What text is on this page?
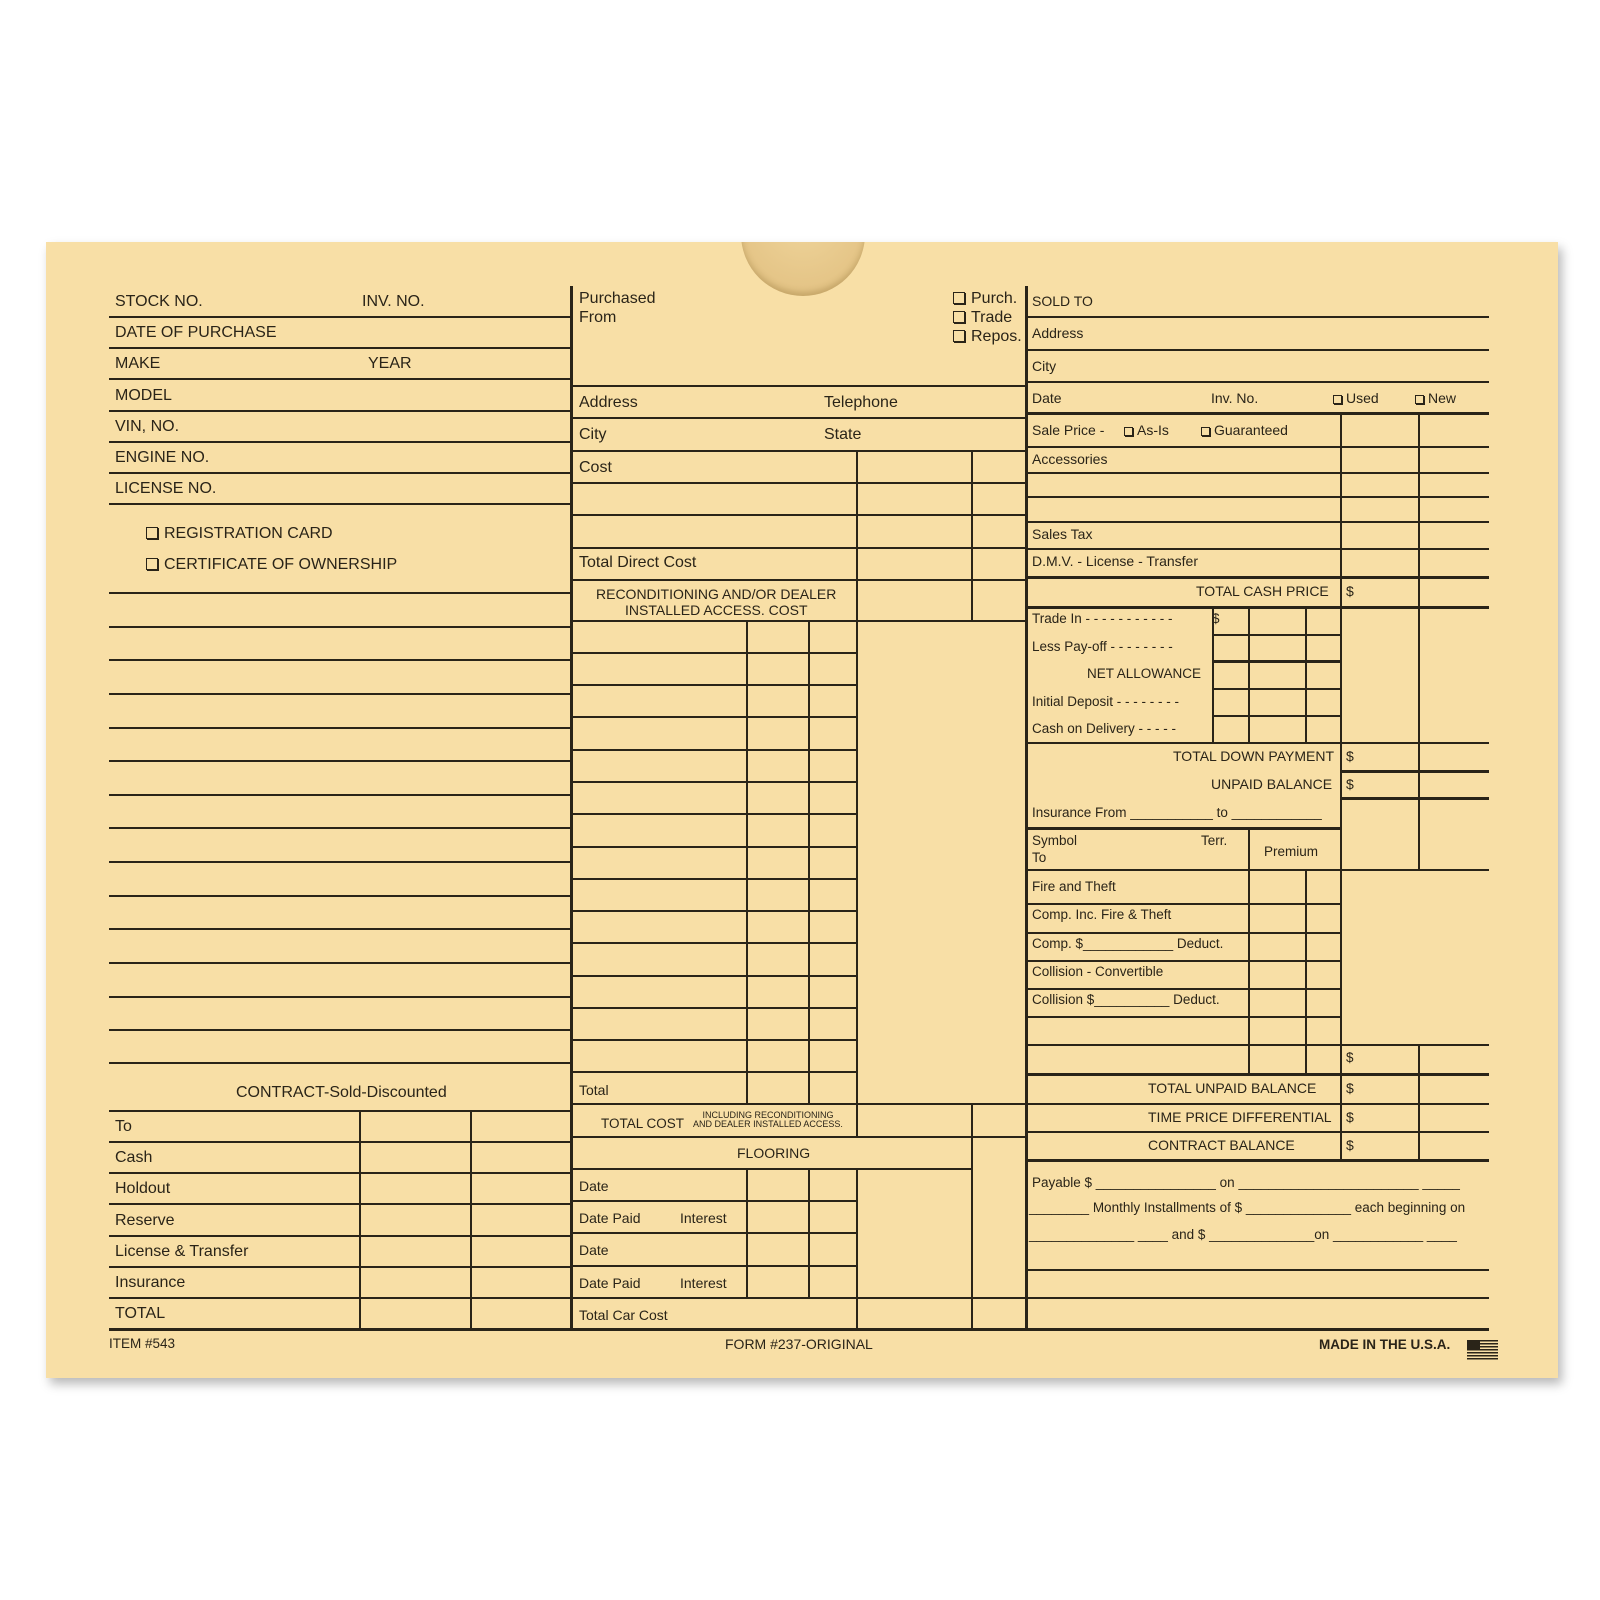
STOCK NO.	INV. NO.
DATE OF PURCHASE
MAKE	YEAR
MODEL
VIN, NO.
ENGINE NO.
LICENSE NO.
REGISTRATION CARD
CERTIFICATE OF OWNERSHIP
CONTRACT-Sold-Discounted
To
Cash
Holdout
Reserve
License & Transfer
Insurance
TOTAL
Purchased
From
Purch.
Trade
Repos.
Address	Telephone
City	State
Cost
Total Direct Cost
RECONDITIONING AND/OR DEALER
INSTALLED ACCESS. COST
Total
TOTAL COST
INCLUDING RECONDITIONING
AND DEALER INSTALLED ACCESS.
FLOORING
Date
Date Paid	Interest
Date
Date Paid	Interest
Total Car Cost
SOLD TO
Address
City
Date	Inv. No.	Used	New
Sale Price -	As-Is	Guaranteed
Accessories
Sales Tax
D.M.V. - License - Transfer
TOTAL CASH PRICE $
Trade In - - - - - - - - - - -	$
Less Pay-off - - - - - - - -
NET ALLOWANCE
Initial Deposit - - - - - - - -
Cash on Delivery - - - - -
TOTAL DOWN PAYMENT $
UNPAID BALANCE $
Insurance From ___________ to ____________
Symbol	Terr.
To	Premium
Fire and Theft
Comp. Inc. Fire & Theft
Comp. $____________ Deduct.
Collision - Convertible
Collision $__________ Deduct.
$
TOTAL UNPAID BALANCE $
TIME PRICE DIFFERENTIAL $
CONTRACT BALANCE	$
Payable $ ________________ on ________________________ _____
________ Monthly Installments of $ ______________ each beginning on
______________ ____ and $ ______________on ____________ ____
ITEM #543	FORM #237-ORIGINAL	MADE IN THE U.S.A.
